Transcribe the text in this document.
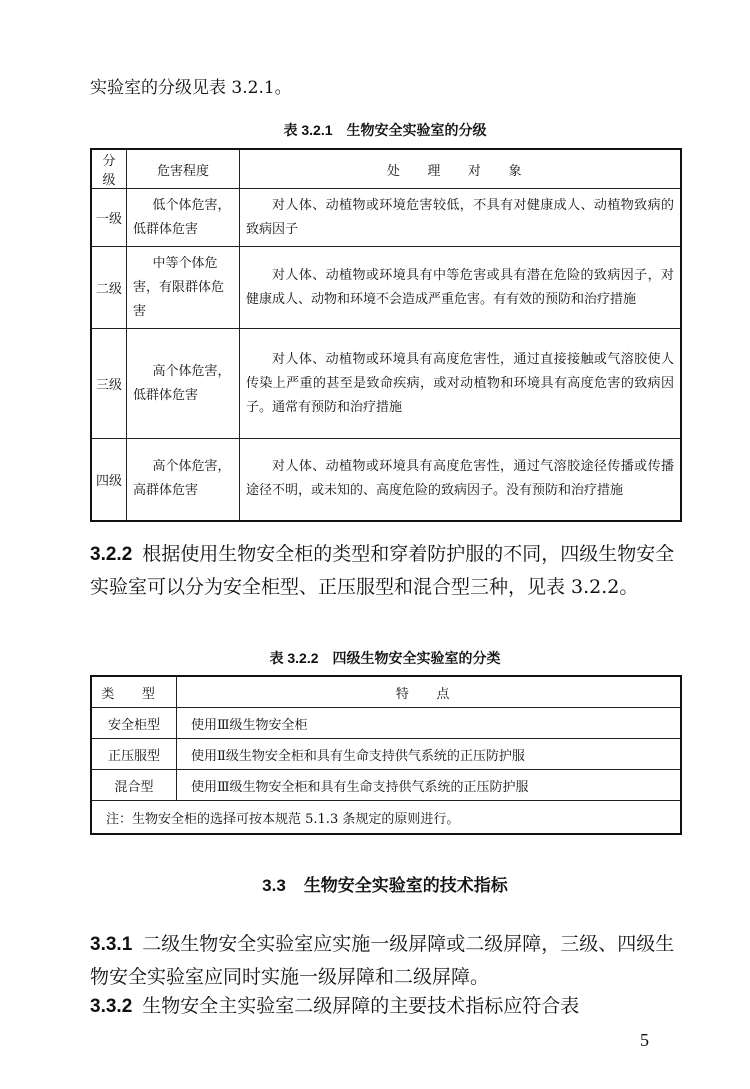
实验室的分级见表 3.2.1。
表 3.2.1 生物安全实验室的分级
分级	危害程度	处 理 对 象
一级	低个体危害，低群体危害	对人体、动植物或环境危害较低，不具有对健康成人、动植物致病的致病因子
二级	中等个体危害，有限群体危害	对人体、动植物或环境具有中等危害或具有潜在危险的致病因子，对健康成人、动物和环境不会造成严重危害。有有效的预防和治疗措施
三级	高个体危害，低群体危害	对人体、动植物或环境具有高度危害性，通过直接接触或气溶胶使人传染上严重的甚至是致命疾病，或对动植物和环境具有高度危害的致病因子。通常有预防和治疗措施
四级	高个体危害，高群体危害	对人体、动植物或环境具有高度危害性，通过气溶胶途径传播或传播途径不明，或未知的、高度危险的致病因子。没有预防和治疗措施
3.2.2 根据使用生物安全柜的类型和穿着防护服的不同，四级生物安全实验室可以分为安全柜型、正压服型和混合型三种，见表 3.2.2。
表 3.2.2 四级生物安全实验室的分类
类 型	特 点
安全柜型	使用Ⅲ级生物安全柜
正压服型	使用Ⅱ级生物安全柜和具有生命支持供气系统的正压防护服
混合型	使用Ⅲ级生物安全柜和具有生命支持供气系统的正压防护服
注：生物安全柜的选择可按本规范 5.1.3 条规定的原则进行。	
3.3 生物安全实验室的技术指标
3.3.1 二级生物安全实验室应实施一级屏障或二级屏障，三级、四级生物安全实验室应同时实施一级屏障和二级屏障。
3.3.2 生物安全主实验室二级屏障的主要技术指标应符合表
5
